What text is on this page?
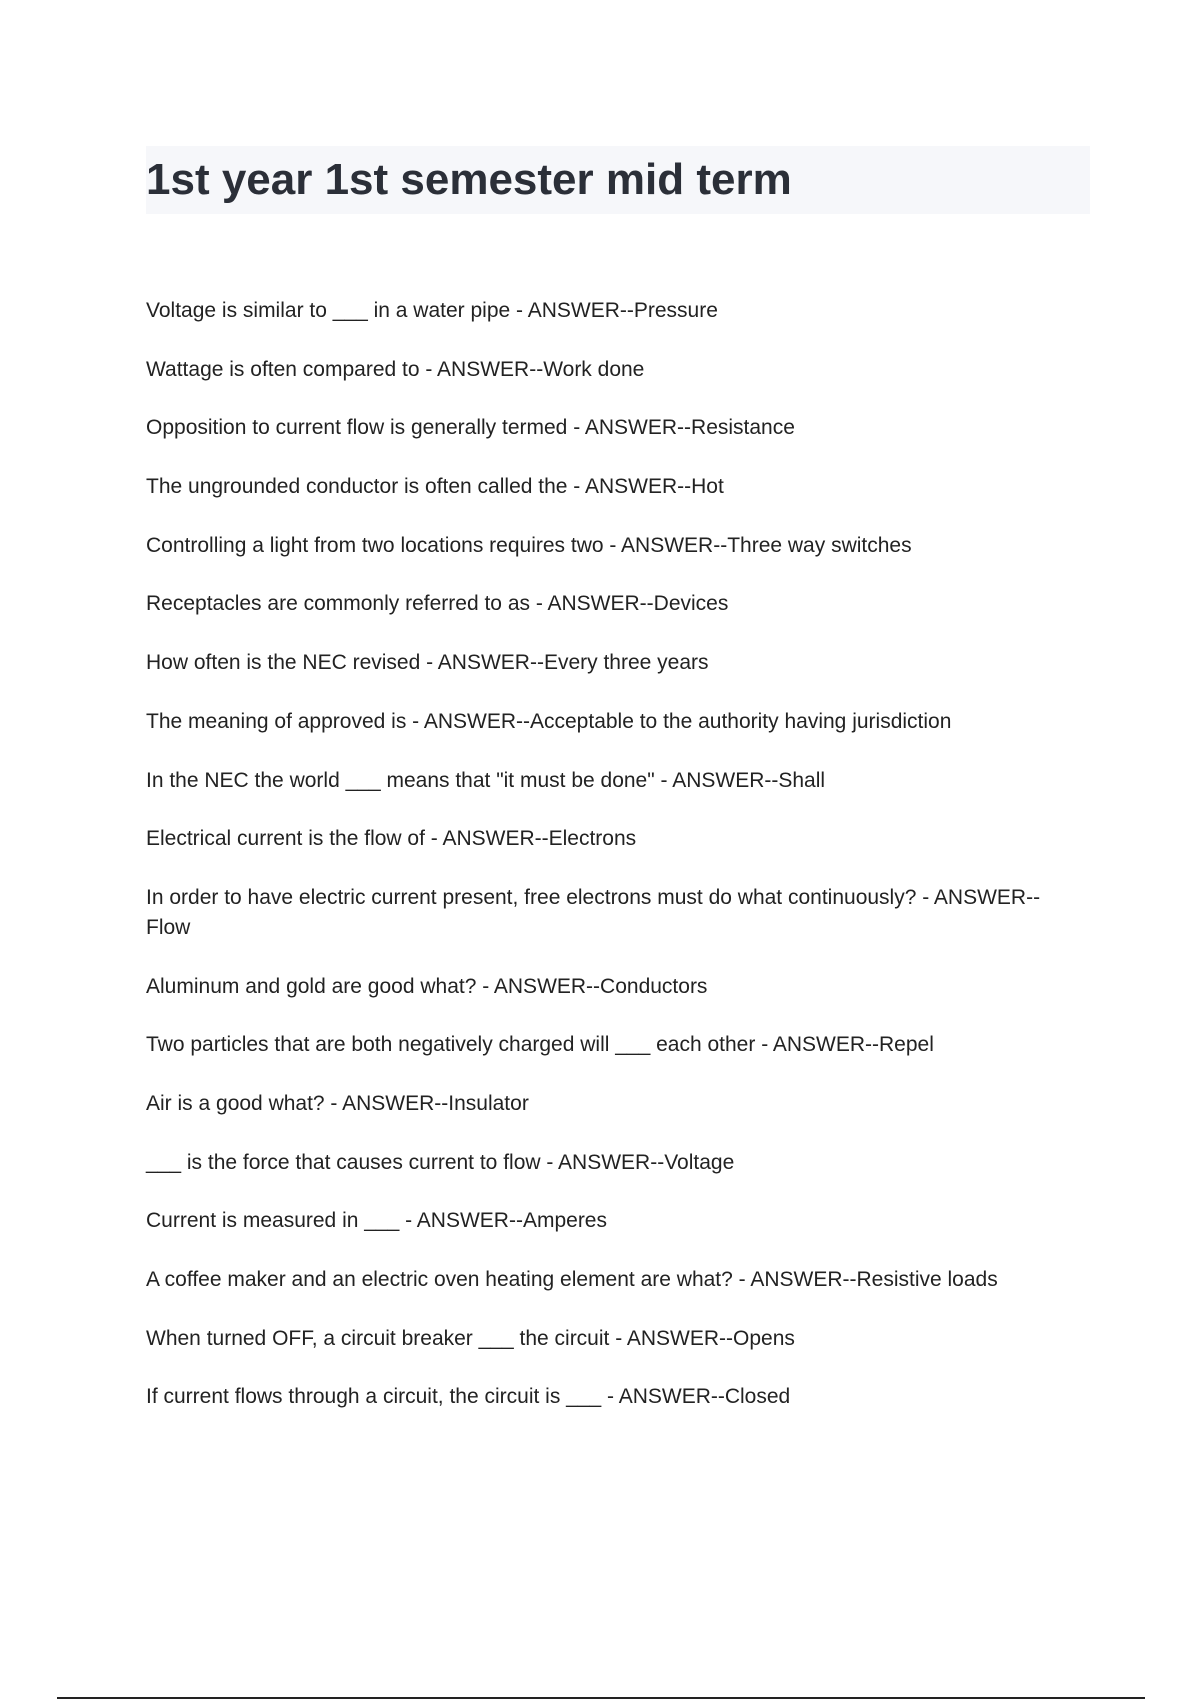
1st year 1st semester mid term
Voltage is similar to ___ in a water pipe - ANSWER--Pressure
Wattage is often compared to - ANSWER--Work done
Opposition to current flow is generally termed - ANSWER--Resistance
The ungrounded conductor is often called the - ANSWER--Hot
Controlling a light from two locations requires two - ANSWER--Three way switches
Receptacles are commonly referred to as - ANSWER--Devices
How often is the NEC revised - ANSWER--Every three years
The meaning of approved is - ANSWER--Acceptable to the authority having jurisdiction
In the NEC the world ___ means that "it must be done" - ANSWER--Shall
Electrical current is the flow of - ANSWER--Electrons
In order to have electric current present, free electrons must do what continuously? - ANSWER--Flow
Aluminum and gold are good what? - ANSWER--Conductors
Two particles that are both negatively charged will ___ each other - ANSWER--Repel
Air is a good what? - ANSWER--Insulator
___ is the force that causes current to flow - ANSWER--Voltage
Current is measured in ___ - ANSWER--Amperes
A coffee maker and an electric oven heating element are what? - ANSWER--Resistive loads
When turned OFF, a circuit breaker ___ the circuit - ANSWER--Opens
If current flows through a circuit, the circuit is ___ - ANSWER--Closed
